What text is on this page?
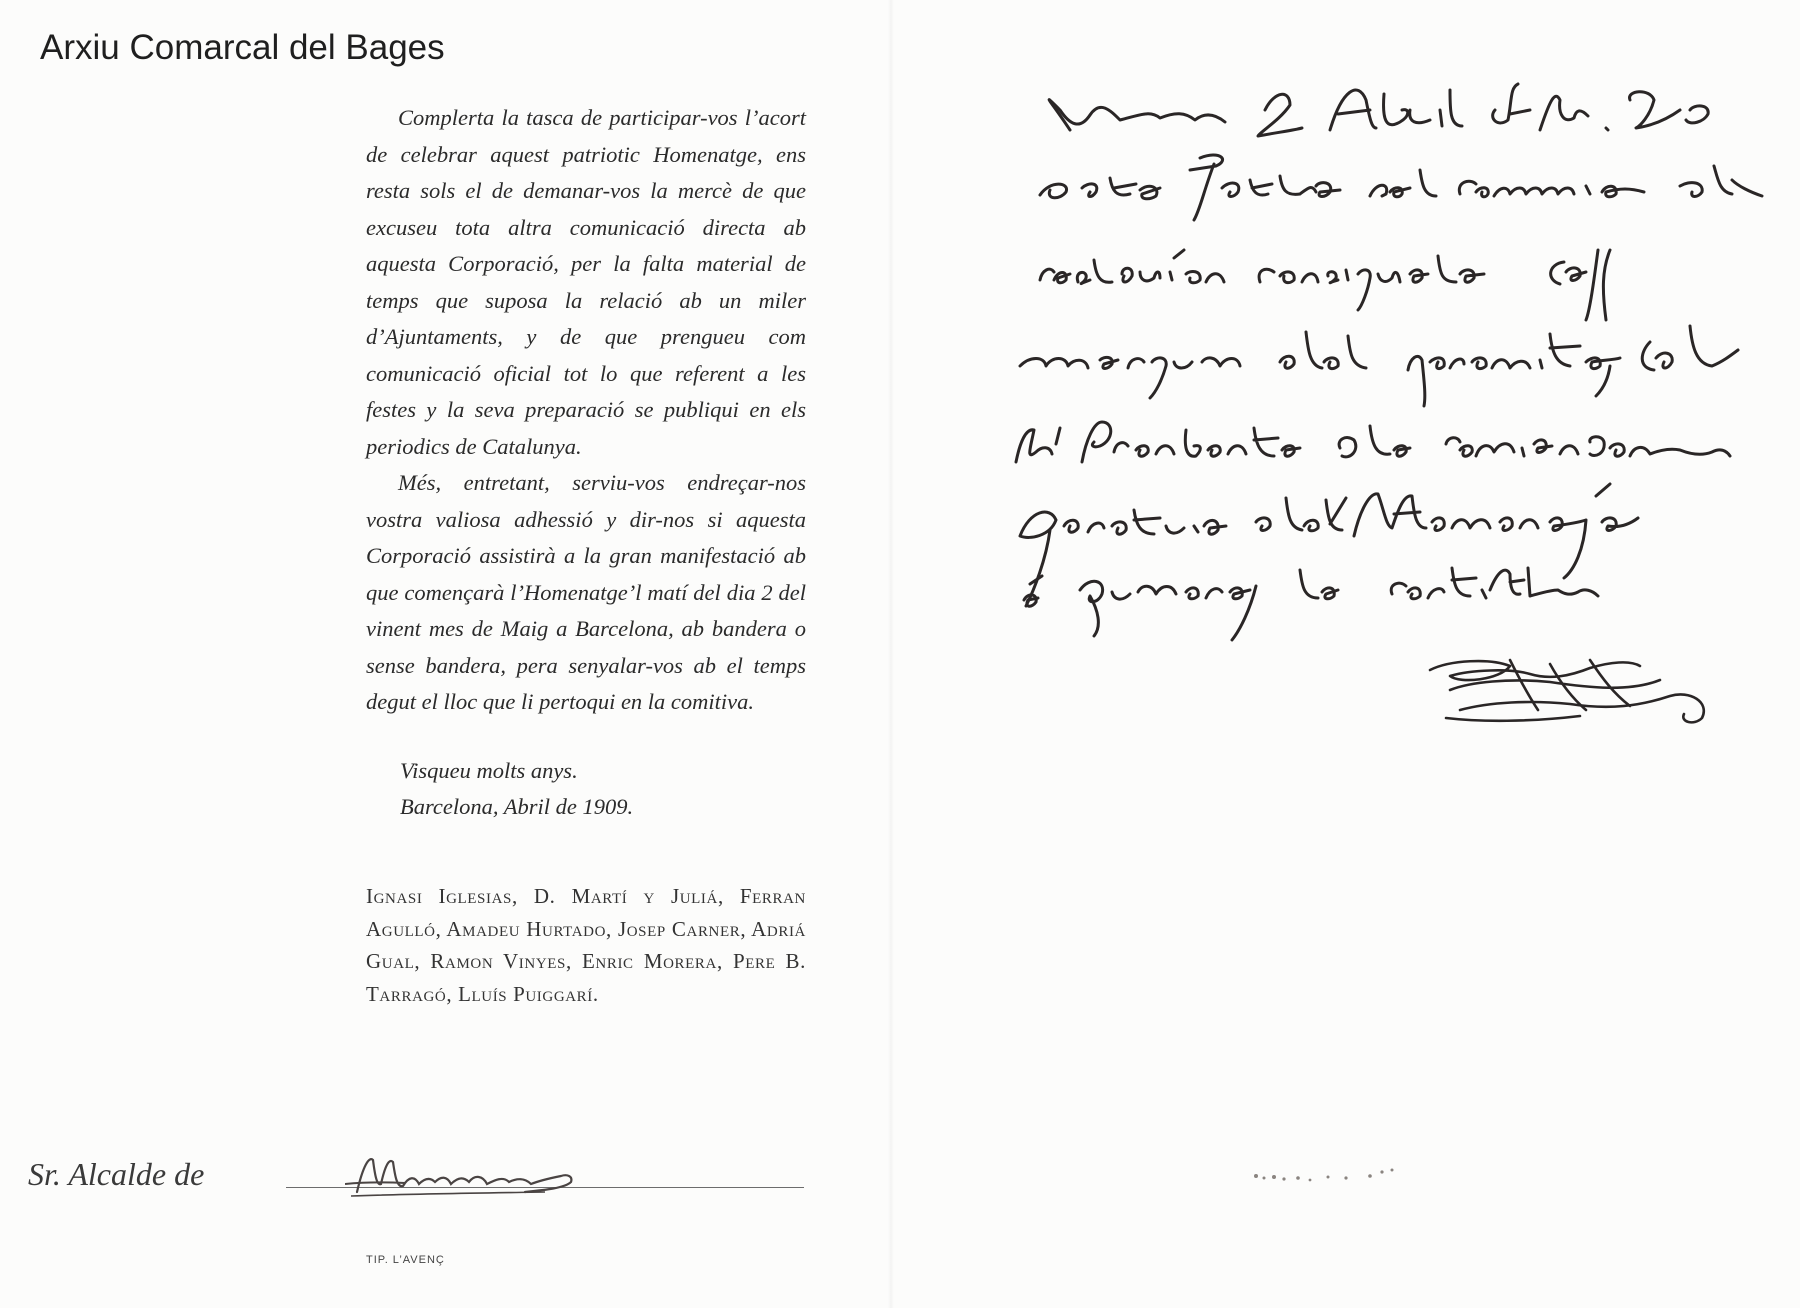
Arxiu Comarcal del Bages

Complerta la tasca de participar-vos l’acort de celebrar aquest patriotic Homenatge, ens resta sols el de demanar-vos la mercè de que excuseu tota altra comunicació directa ab aquesta Corporació, per la falta material de temps que suposa la relació ab un miler d’Ajuntaments, y de que prengueu com comunicació oficial tot lo que referent a les festes y la seva preparació se publiqui en els periodics de Catalunya.

Més, entretant, serviu-vos endreçar-nos vostra valiosa adhessió y dir-nos si aquesta Corporació assistirà a la gran manifestació ab que començarà l’Homenatge’l matí del dia 2 del vinent mes de Maig a Barcelona, ab bandera o sense bandera, pera senyalar-vos ab el temps degut el lloc que li pertoqui en la comitiva.

Visqueu molts anys.
Barcelona, Abril de 1909.
Ignasi Iglesias, D. Martí y Juliá, Ferran Agulló, Amadeu Hurtado, Josep Carner, Adriá Gual, Ramon Vinyes, Enric Morera, Pere B. Tarragó, Lluís Puiggarí.
Sr. Alcalde de
TIP. L’AVENÇ
